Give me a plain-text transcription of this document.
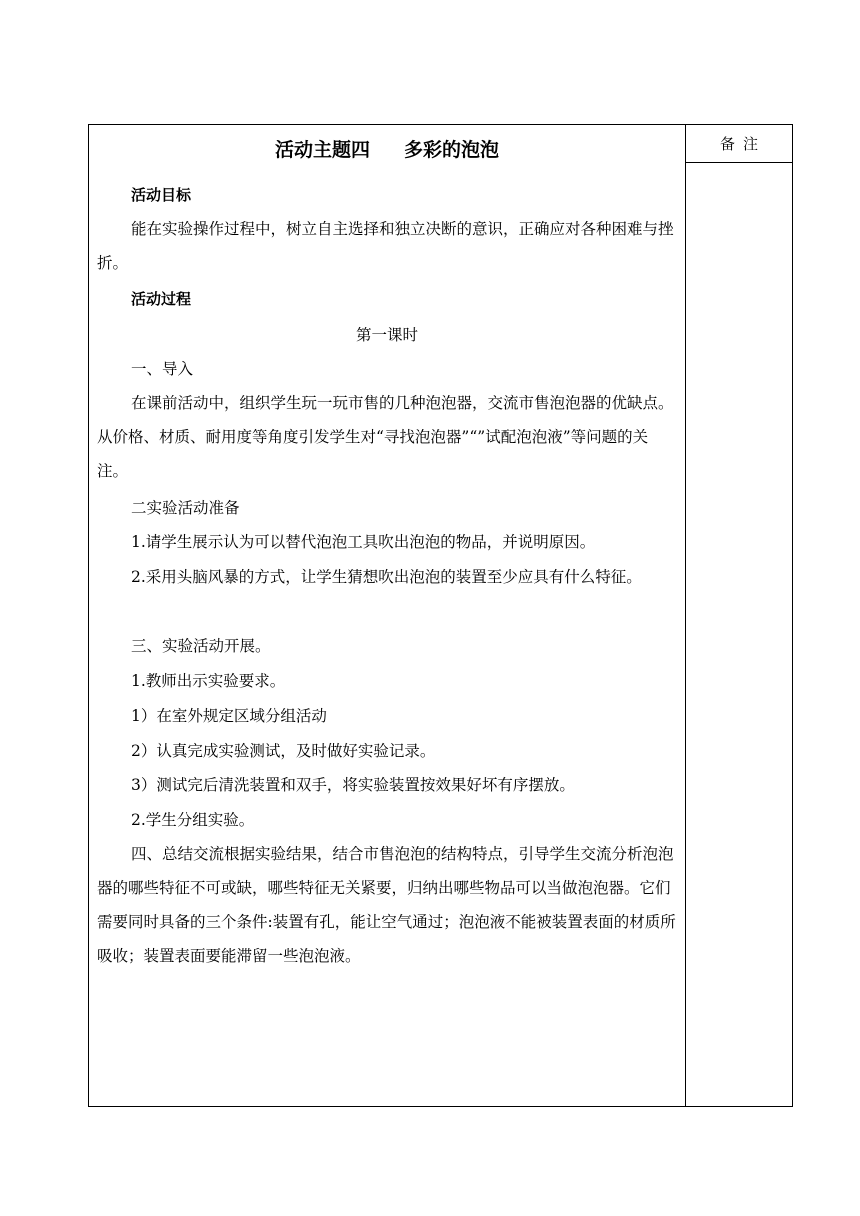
备注
活动主题四 多彩的泡泡
活动目标
能在实验操作过程中，树立自主选择和独立决断的意识，正确应对各种困难与挫折。
活动过程
第一课时
一、导入
在课前活动中，组织学生玩一玩市售的几种泡泡器，交流市售泡泡器的优缺点。从价格、材质、耐用度等角度引发学生对“寻找泡泡器”“”试配泡泡液”等问题的关注。
二实验活动准备
1.请学生展示认为可以替代泡泡工具吹出泡泡的物品，并说明原因。
2.采用头脑风暴的方式，让学生猜想吹出泡泡的装置至少应具有什么特征。
三、实验活动开展。
1.教师出示实验要求。
1）在室外规定区域分组活动
2）认真完成实验测试，及时做好实验记录。
3）测试完后清洗装置和双手，将实验装置按效果好坏有序摆放。
2.学生分组实验。
四、总结交流根据实验结果，结合市售泡泡的结构特点，引导学生交流分析泡泡器的哪些特征不可或缺，哪些特征无关紧要，归纳出哪些物品可以当做泡泡器。它们需要同时具备的三个条件:装置有孔，能让空气通过；泡泡液不能被装置表面的材质所吸收；装置表面要能滞留一些泡泡液。
